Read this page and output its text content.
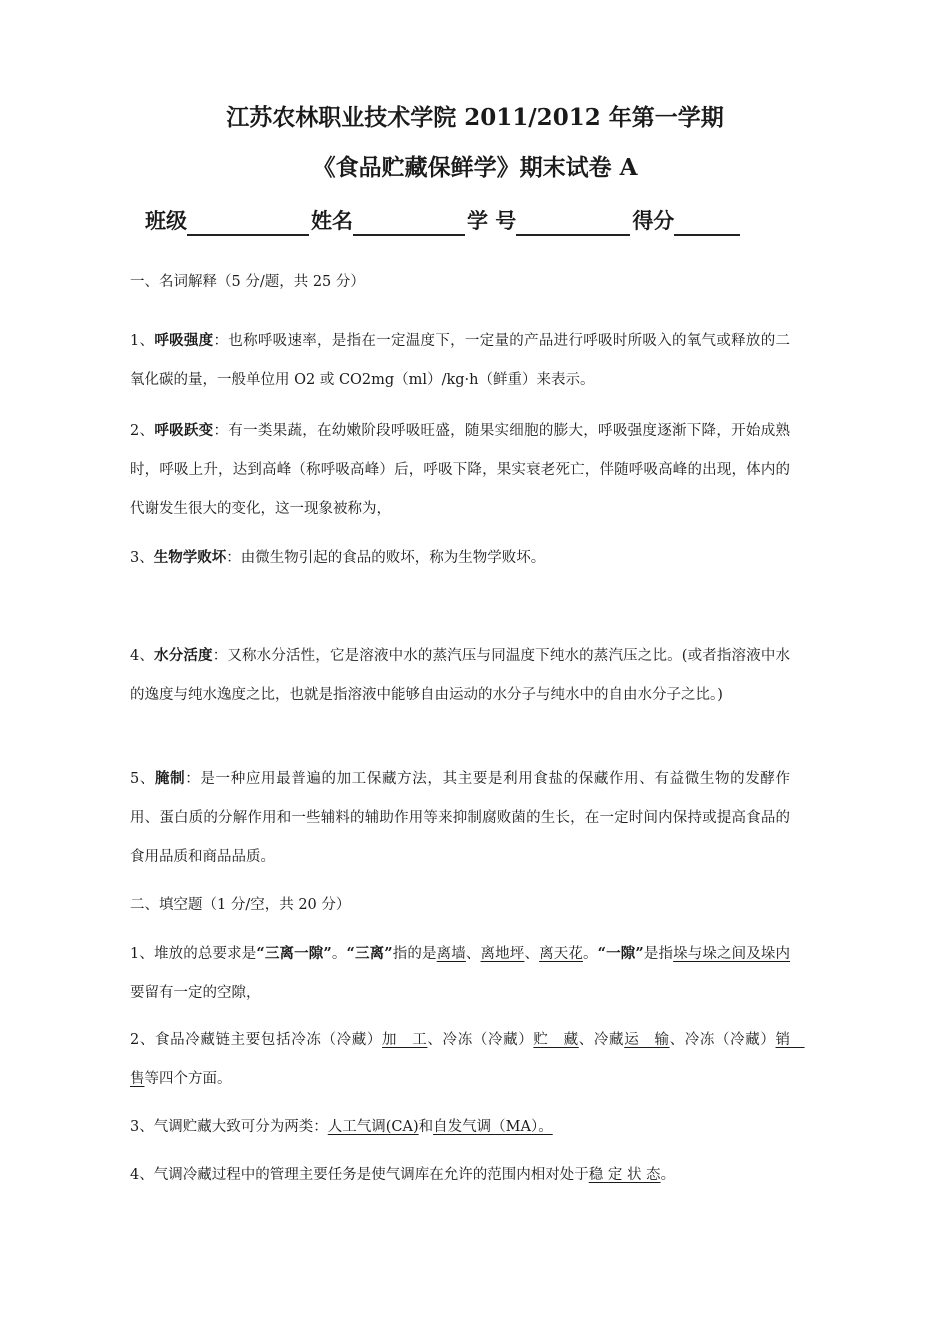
江苏农林职业技术学院 2011/2012 年第一学期
《食品贮藏保鲜学》期末试卷 A
班级	姓名	学 号	得分
一、名词解释（5 分/题，共 25 分）
1、呼吸强度：也称呼吸速率，是指在一定温度下，一定量的产品进行呼吸时所吸入的氧气或释放的二氧化碳的量，一般单位用 O2 或 CO2mg（ml）/kg·h（鲜重）来表示。
2、呼吸跃变：有一类果蔬，在幼嫩阶段呼吸旺盛，随果实细胞的膨大，呼吸强度逐渐下降，开始成熟时，呼吸上升，达到高峰（称呼吸高峰）后，呼吸下降，果实衰老死亡，伴随呼吸高峰的出现，体内的代谢发生很大的变化，这一现象被称为，
3、生物学败坏：由微生物引起的食品的败坏，称为生物学败坏。
4、水分活度：又称水分活性，它是溶液中水的蒸汽压与同温度下纯水的蒸汽压之比。(或者指溶液中水的逸度与纯水逸度之比，也就是指溶液中能够自由运动的水分子与纯水中的自由水分子之比。)
5、腌制：是一种应用最普遍的加工保藏方法，其主要是利用食盐的保藏作用、有益微生物的发酵作用、蛋白质的分解作用和一些辅料的辅助作用等来抑制腐败菌的生长，在一定时间内保持或提高食品的食用品质和商品品质。
二、填空题（1 分/空，共 20 分）
1、堆放的总要求是“三离一隙”。“三离”指的是离墙、离地坪、离天花。“一隙”是指垛与垛之间及垛内要留有一定的空隙，
2、食品冷藏链主要包括冷冻（冷藏）加　工、冷冻（冷藏）贮　藏、冷藏运　输、冷冻（冷藏）销　售等四个方面。
3、气调贮藏大致可分为两类：人工气调(CA)和自发气调（MA）。
4、气调冷藏过程中的管理主要任务是使气调库在允许的范围内相对处于稳 定 状 态。
